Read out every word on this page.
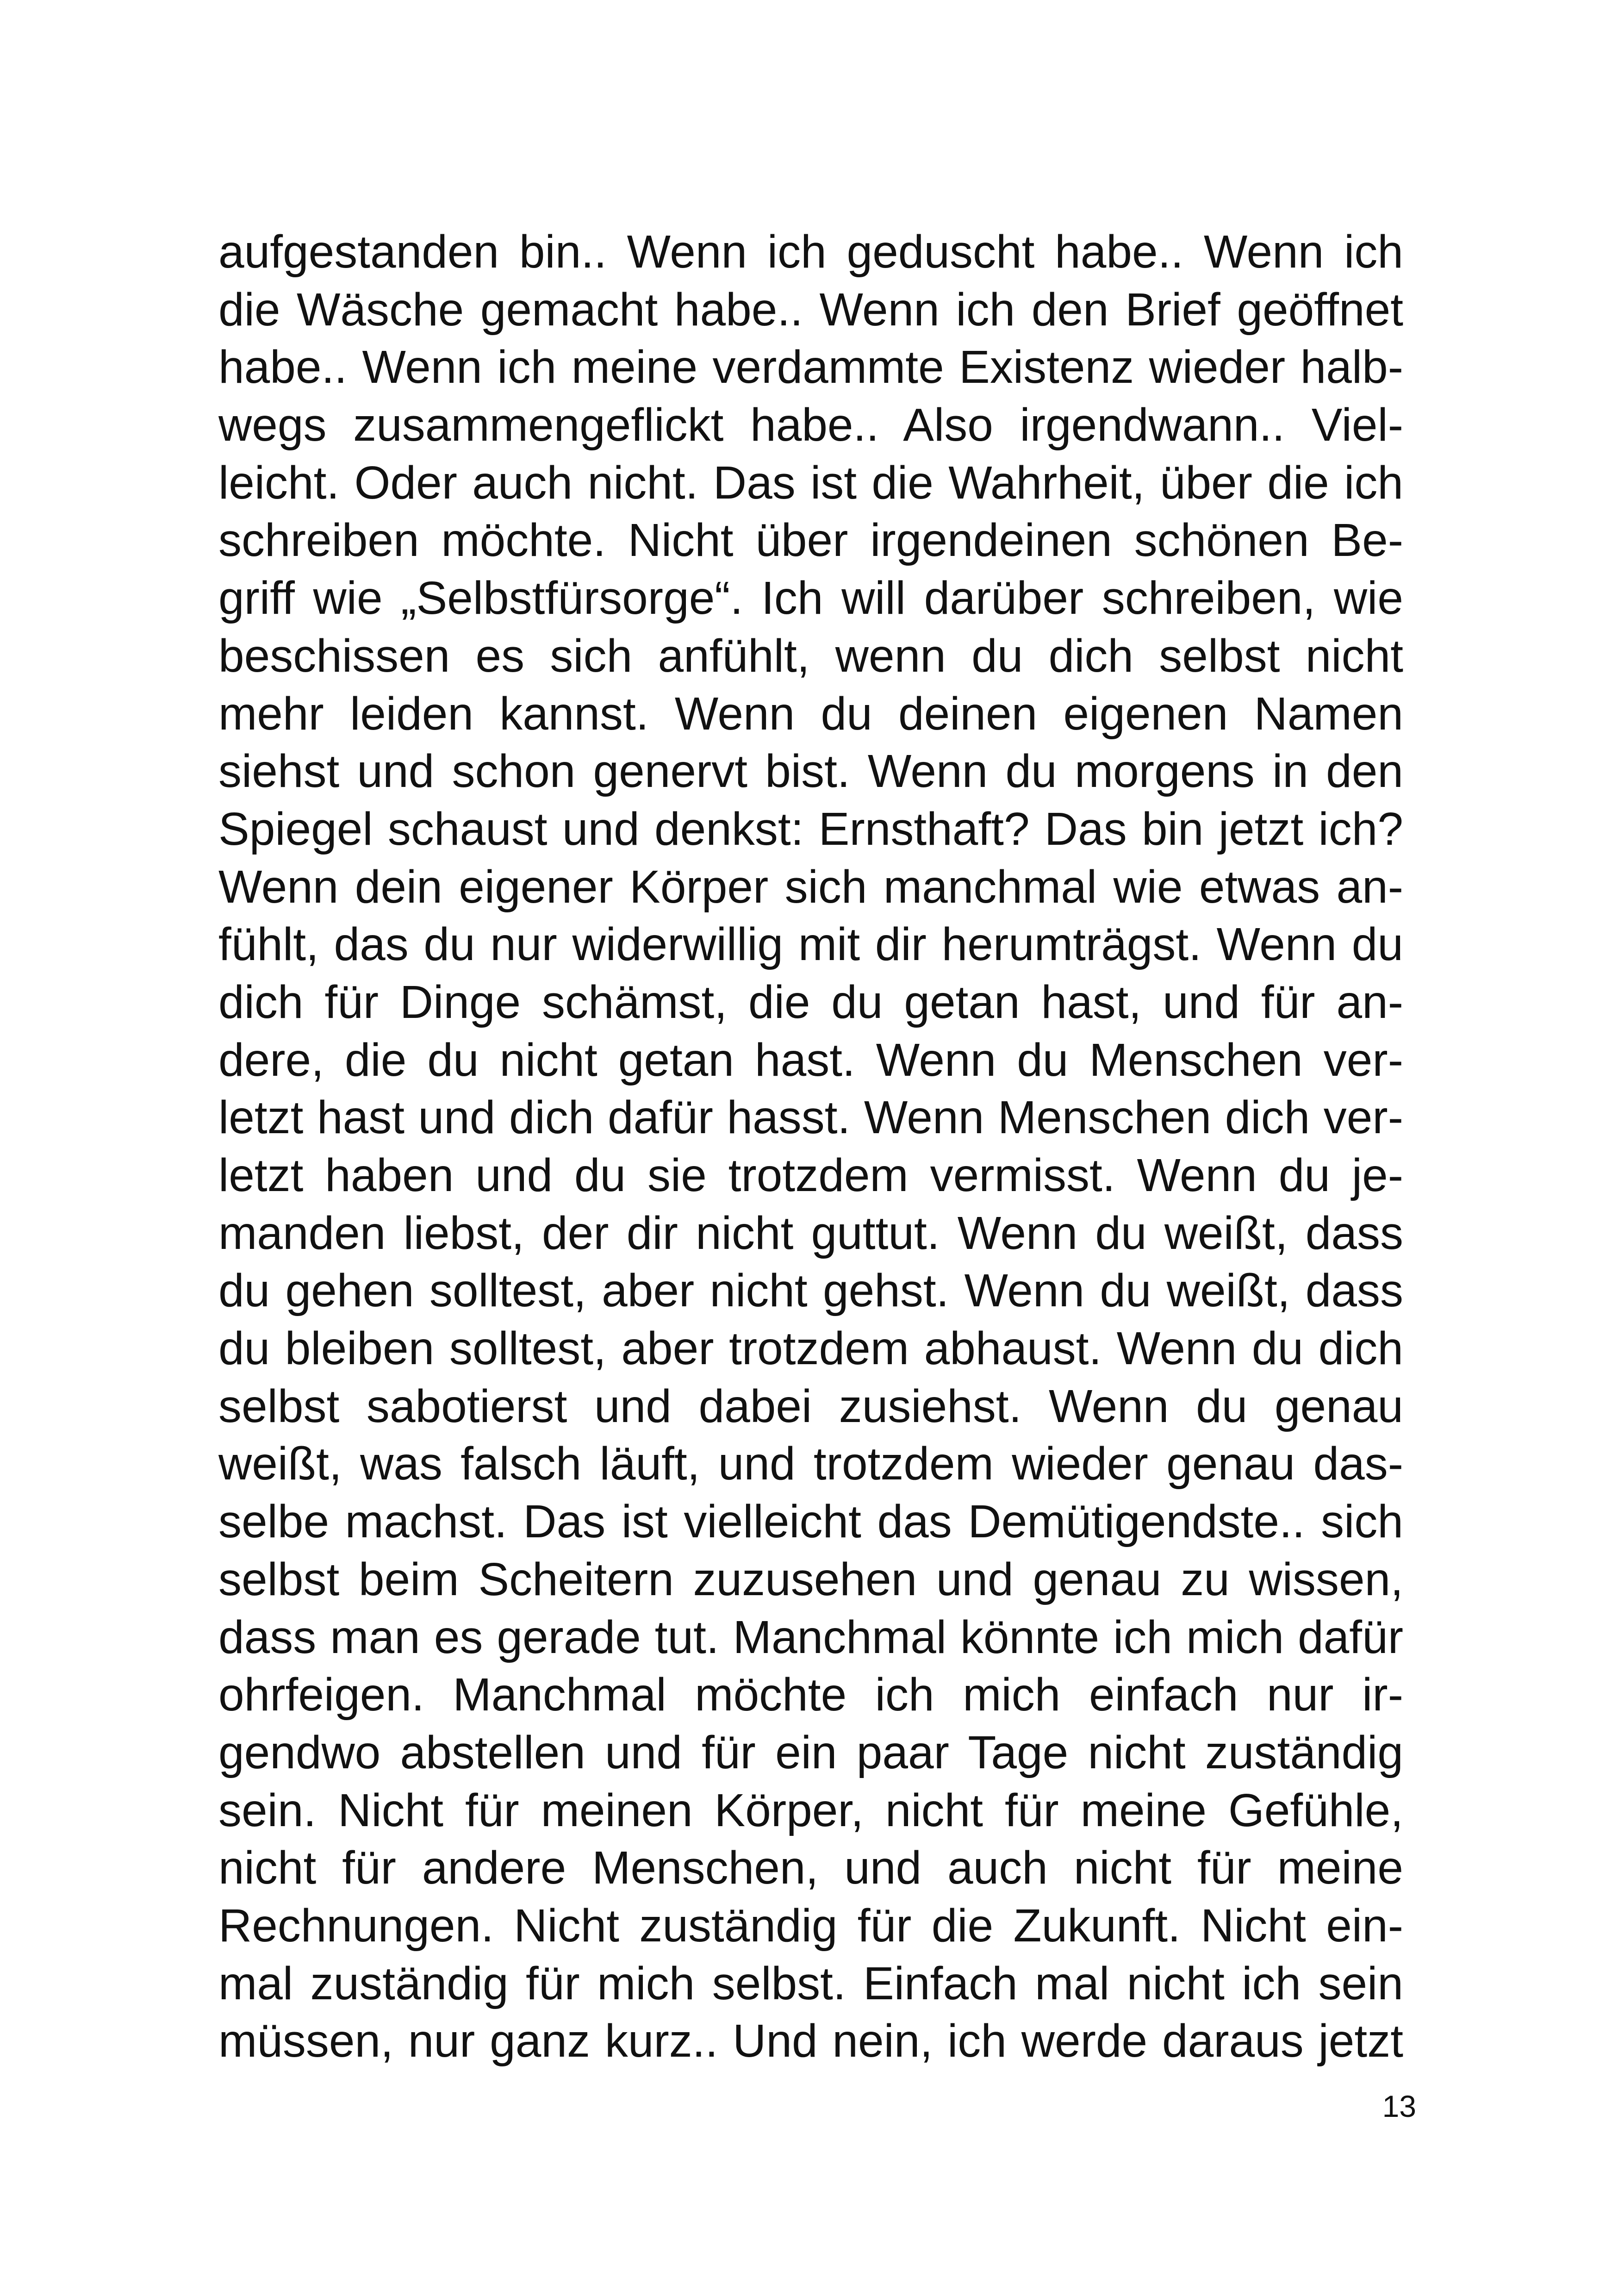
aufgestanden bin.. Wenn ich geduscht habe.. Wenn ich
die Wäsche gemacht habe.. Wenn ich den Brief geöffnet
habe.. Wenn ich meine verdammte Existenz wieder halb-
wegs zusammengeflickt habe.. Also irgendwann.. Viel-
leicht. Oder auch nicht. Das ist die Wahrheit, über die ich
schreiben möchte. Nicht über irgendeinen schönen Be-
griff wie „Selbstfürsorge“. Ich will darüber schreiben, wie
beschissen es sich anfühlt, wenn du dich selbst nicht
mehr leiden kannst. Wenn du deinen eigenen Namen
siehst und schon genervt bist. Wenn du morgens in den
Spiegel schaust und denkst: Ernsthaft? Das bin jetzt ich?
Wenn dein eigener Körper sich manchmal wie etwas an-
fühlt, das du nur widerwillig mit dir herumträgst. Wenn du
dich für Dinge schämst, die du getan hast, und für an-
dere, die du nicht getan hast. Wenn du Menschen ver-
letzt hast und dich dafür hasst. Wenn Menschen dich ver-
letzt haben und du sie trotzdem vermisst. Wenn du je-
manden liebst, der dir nicht guttut. Wenn du weißt, dass
du gehen solltest, aber nicht gehst. Wenn du weißt, dass
du bleiben solltest, aber trotzdem abhaust. Wenn du dich
selbst sabotierst und dabei zusiehst. Wenn du genau
weißt, was falsch läuft, und trotzdem wieder genau das-
selbe machst. Das ist vielleicht das Demütigendste.. sich
selbst beim Scheitern zuzusehen und genau zu wissen,
dass man es gerade tut. Manchmal könnte ich mich dafür
ohrfeigen. Manchmal möchte ich mich einfach nur ir-
gendwo abstellen und für ein paar Tage nicht zuständig
sein. Nicht für meinen Körper, nicht für meine Gefühle,
nicht für andere Menschen, und auch nicht für meine
Rechnungen. Nicht zuständig für die Zukunft. Nicht ein-
mal zuständig für mich selbst. Einfach mal nicht ich sein
müssen, nur ganz kurz.. Und nein, ich werde daraus jetzt
13
